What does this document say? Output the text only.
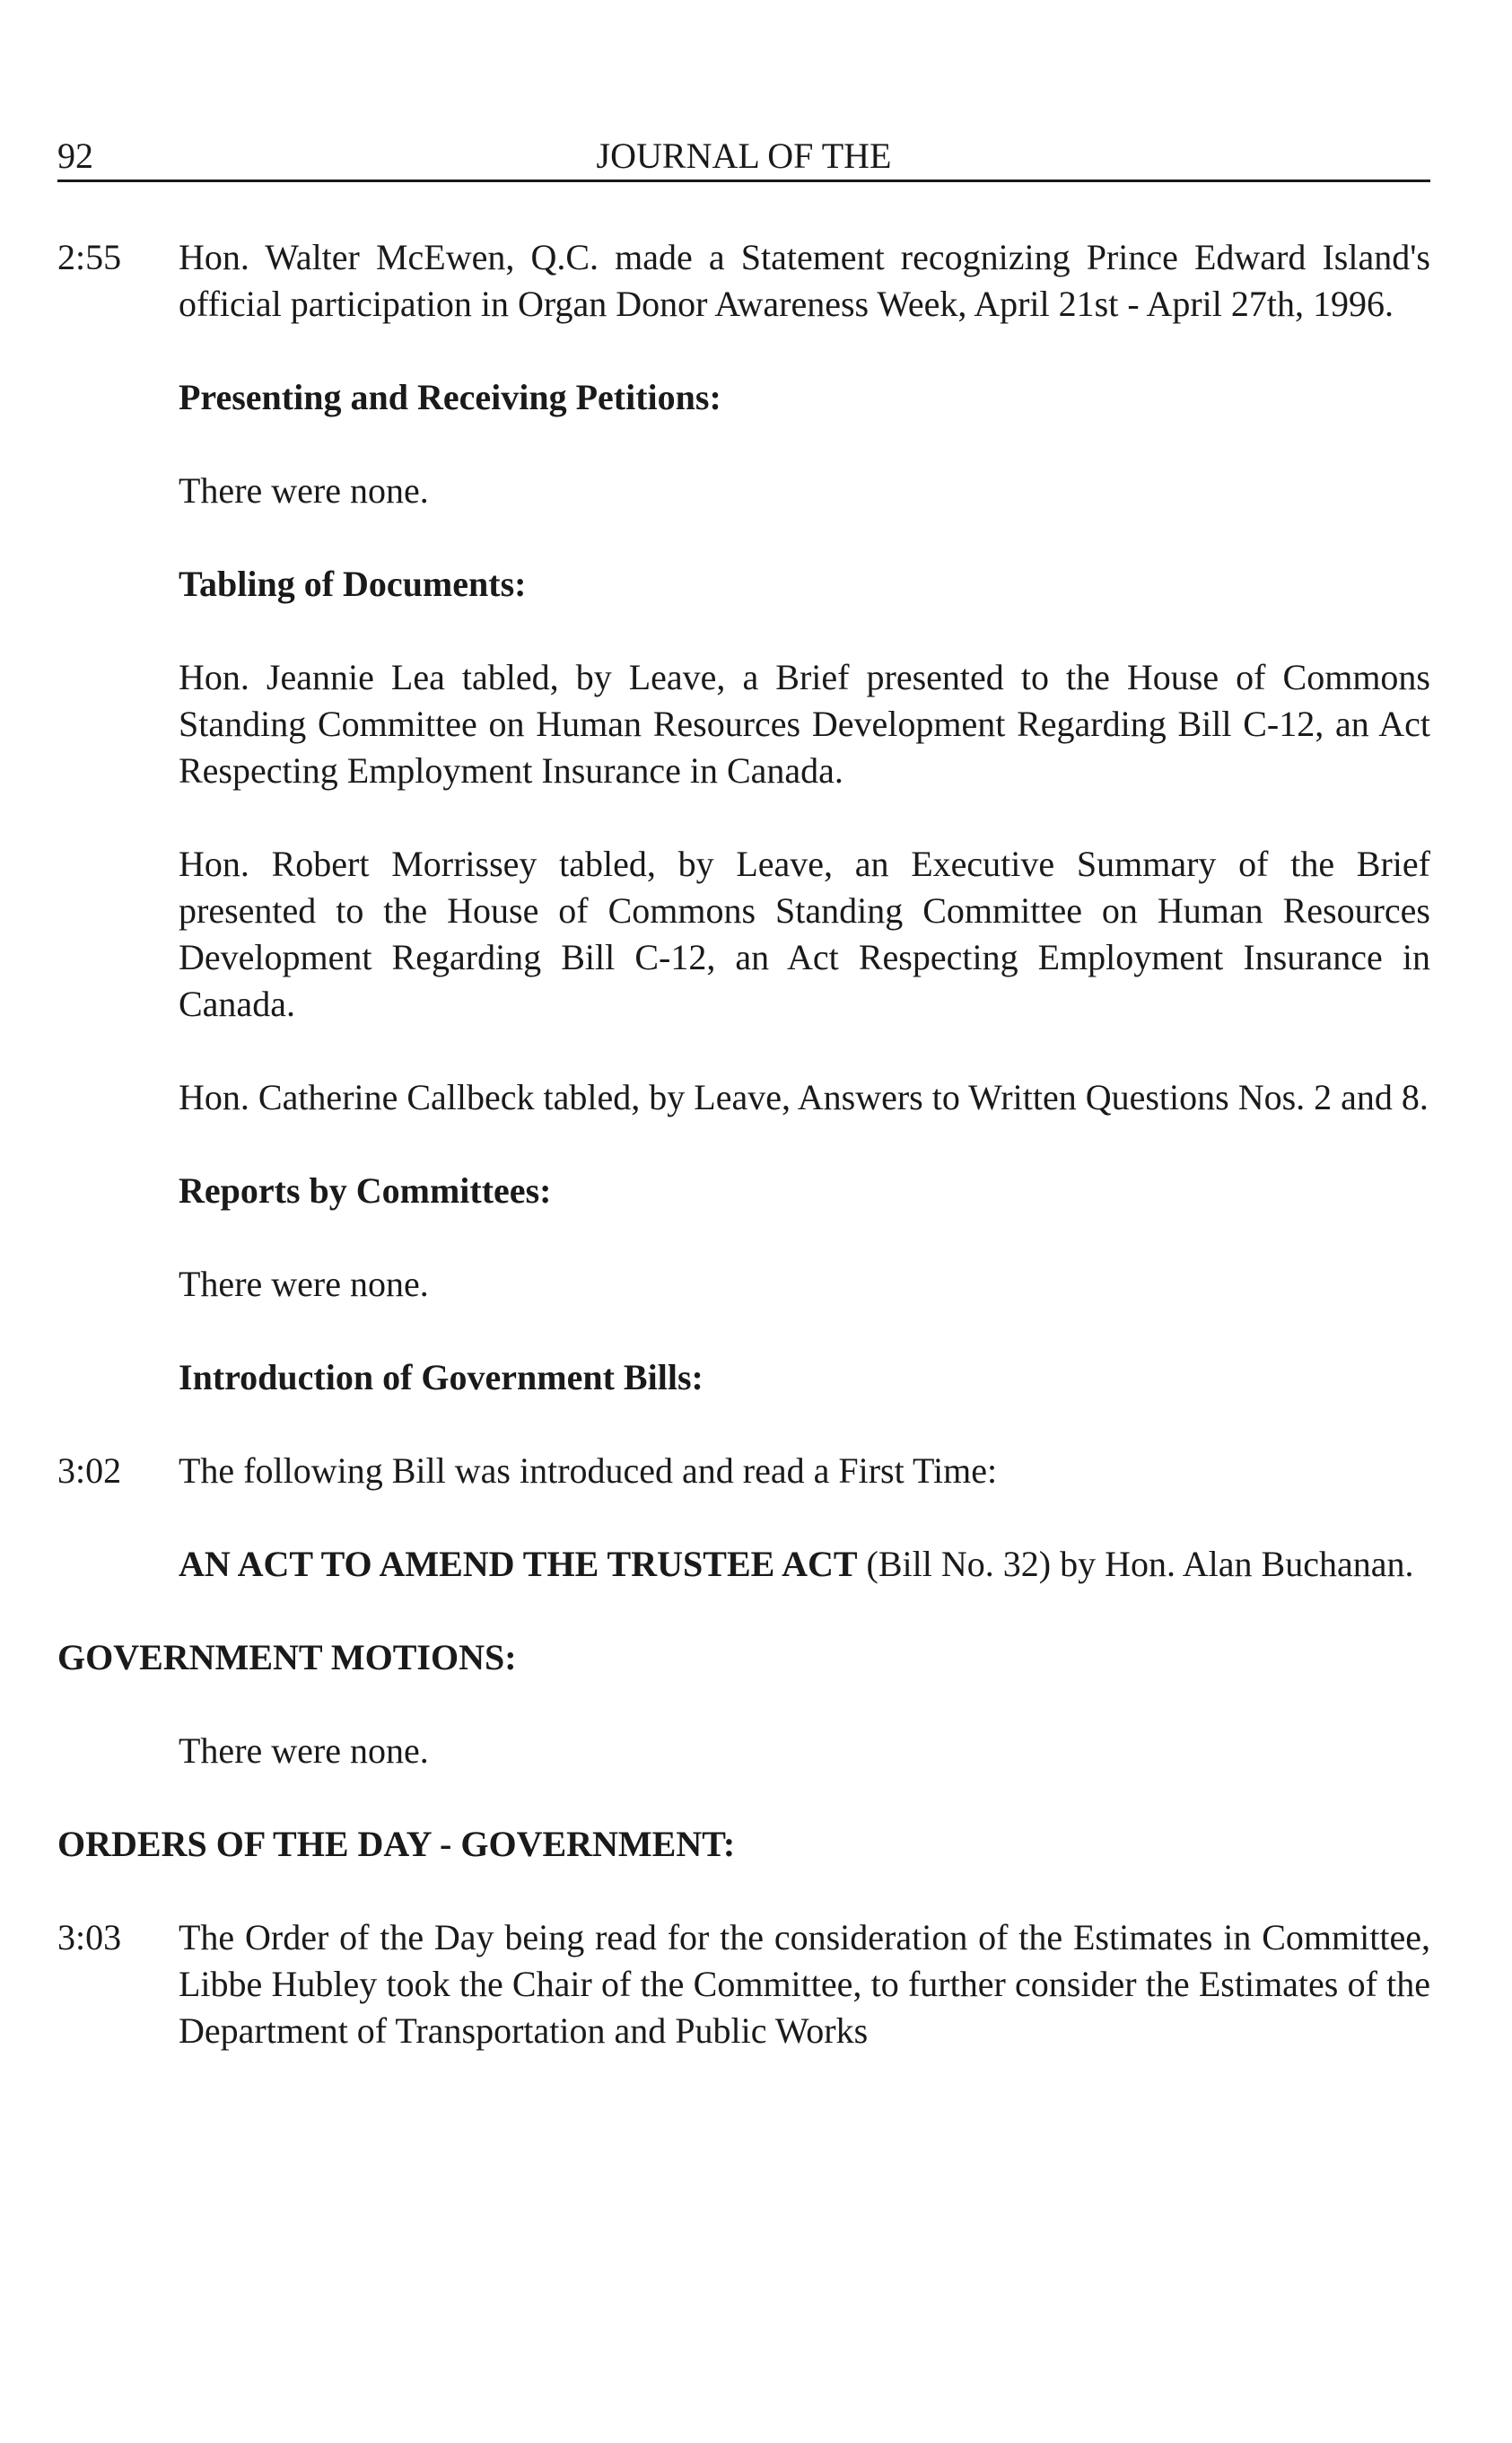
92	JOURNAL OF THE
2:55	Hon. Walter McEwen, Q.C. made a Statement recognizing Prince Edward Island's official participation in Organ Donor Awareness Week, April 21st - April 27th, 1996.
Presenting and Receiving Petitions:
There were none.
Tabling of Documents:
Hon. Jeannie Lea tabled, by Leave, a Brief presented to the House of Commons Standing Committee on Human Resources Development Regarding Bill C-12, an Act Respecting Employment Insurance in Canada.
Hon. Robert Morrissey tabled, by Leave, an Executive Summary of the Brief presented to the House of Commons Standing Committee on Human Resources Development Regarding Bill C-12, an Act Respecting Employment Insurance in Canada.
Hon. Catherine Callbeck tabled, by Leave, Answers to Written Questions Nos. 2 and 8.
Reports by Committees:
There were none.
Introduction of Government Bills:
3:02	The following Bill was introduced and read a First Time:
AN ACT TO AMEND THE TRUSTEE ACT (Bill No. 32) by Hon. Alan Buchanan.
GOVERNMENT MOTIONS:
There were none.
ORDERS OF THE DAY - GOVERNMENT:
3:03	The Order of the Day being read for the consideration of the Estimates in Committee, Libbe Hubley took the Chair of the Committee, to further consider the Estimates of the Department of Transportation and Public Works
